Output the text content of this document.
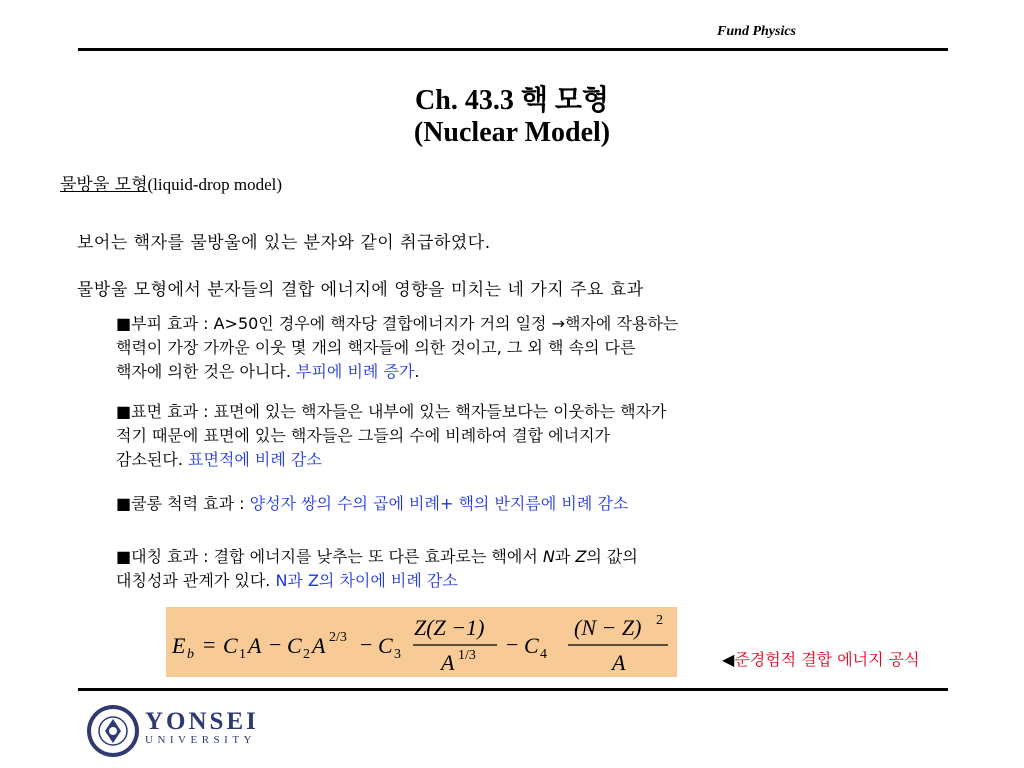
Fund Physics
Ch. 43.3 핵 모형
(Nuclear Model)
물방울 모형(liquid-drop model)
보어는 핵자를 물방울에 있는 분자와 같이 취급하였다.
물방울 모형에서 분자들의 결합 에너지에 영향을 미치는 네 가지 주요 효과
■부피 효과 : A>50인 경우에 핵자당 결합에너지가 거의 일정 →핵자에 작용하는
핵력이 가장 가까운 이웃 몇 개의 핵자들에 의한 것이고, 그 외 핵 속의 다른
핵자에 의한 것은 아니다. 부피에 비례 증가.
■표면 효과 : 표면에 있는 핵자들은 내부에 있는 핵자들보다는 이웃하는 핵자가
적기 때문에 표면에 있는 핵자들은 그들의 수에 비례하여 결합 에너지가
감소된다. 표면적에 비례 감소
■쿨롱 척력 효과 : 양성자 쌍의 수의 곱에 비례+ 핵의 반지름에 비례 감소
■대칭 효과 : 결합 에너지를 낮추는 또 다른 효과로는 핵에서 N과 Z의 값의
대칭성과 관계가 있다. N과 Z의 차이에 비례 감소
E b = C 1 A − C 2 A 2/3 − C 3
Z(Z −1)
A 1/3 − C 4
(N − Z) 2
A	◀준경험적 결합 에너지 공식
YONSEI
UNIVERSITY
